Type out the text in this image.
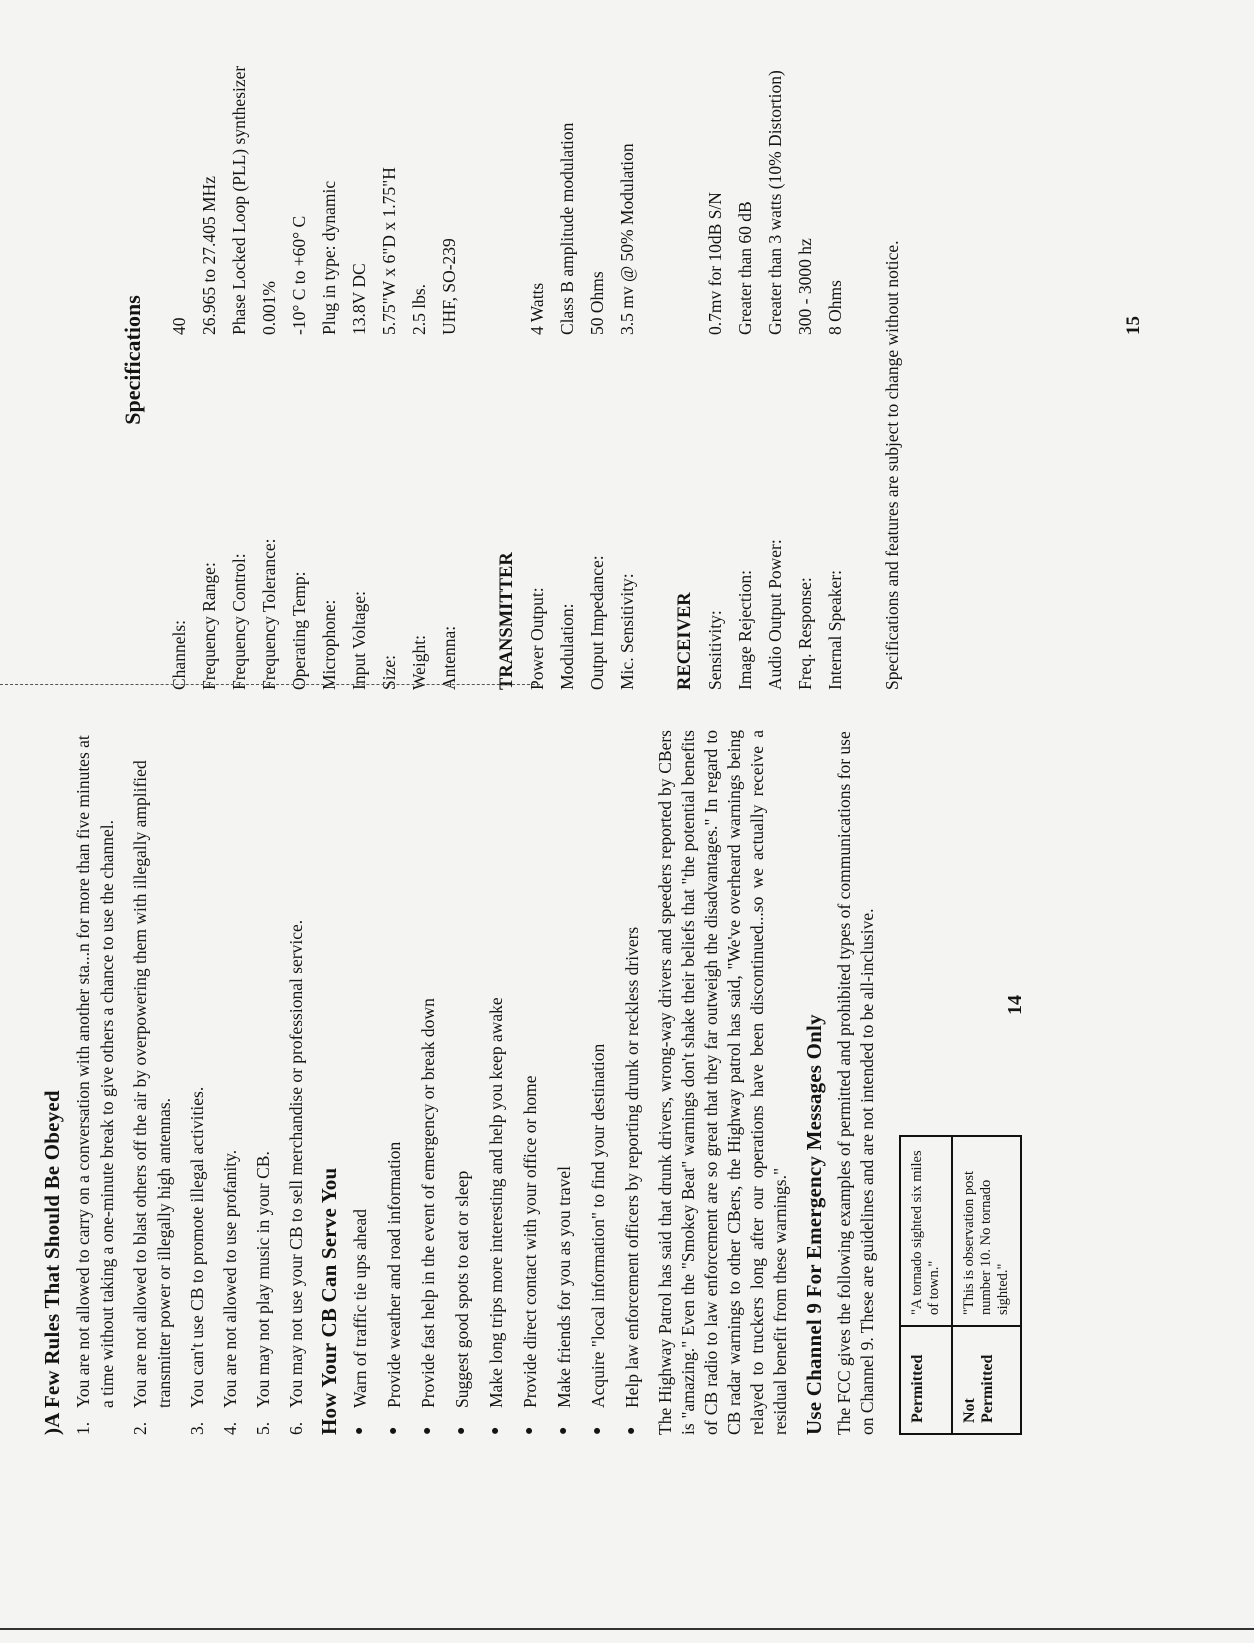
)A Few Rules That Should Be Obeyed 1.
You are not allowed to carry on a conversation with another sta...n for more than five minutes at a time without taking a one-minute break to give others a chance to use the channel.
2.
You are not allowed to blast others off the air by overpowering them with illegally amplified transmitter power or illegally high antennas.
3.
You can't use CB to promote illegal activities.
4.
You are not allowed to use profanity.
5.
You may not play music in your CB.
6.
You may not use your CB to sell merchandise or professional service. How Your CB Can Serve You ●
Warn of traffic tie ups ahead
●
Provide weather and road information
●
Provide fast help in the event of emergency or break down
●
Suggest good spots to eat or sleep
●
Make long trips more interesting and help you keep awake
●
Provide direct contact with your office or home
●
Make friends for you as you travel
●
Acquire "local information" to find your destination
●
Help law enforcement officers by reporting drunk or reckless drivers The Highway Patrol has said that drunk drivers, wrong-way drivers and speeders reported by CBers is "amazing." Even the "Smokey Beat" warnings don't shake their beliefs that "the potential benefits of CB radio to law enforcement are so great that they far outweigh the disadvantages." In regard to CB radar warnings to other CBers, the Highway patrol has said, "We've overheard warnings being relayed to truckers long after our operations have been discontinued...so we actually receive a residual benefit from these warnings." Use Channel 9 For Emergency Messages Only The FCC gives the following examples of permitted and prohibited types of communications for use on Channel 9. These are guidelines and are not intended to be all-inclusive. Permitted	"A tornado sighted six miles of town."
Not Permitted	"This is observation post number 10. No tornado sighted."
14
Specifications
Channels:
40
Frequency Range:
26.965 to 27.405 MHz
Frequency Control:
Phase Locked Loop (PLL) synthesizer
Frequency Tolerance:
0.001%
Operating Temp:
-10° C to +60° C
Microphone:
Plug in type: dynamic
Input Voltage:
13.8V DC
Size:
5.75"W x 6"D x 1.75"H
Weight:
2.5 lbs.
Antenna:
UHF, SO-239
TRANSMITTER Power Output:
4 Watts
Modulation:
Class B amplitude modulation
Output Impedance:
50 Ohms
Mic. Sensitivity:
3.5 mv @ 50% Modulation
RECEIVER Sensitivity:
0.7mv for 10dB S/N
Image Rejection:
Greater than 60 dB
Audio Output Power:
Greater than 3 watts (10% Distortion)
Freq. Response:
300 - 3000 hz
Internal Speaker:
8 Ohms Specifications and features are subject to change without notice.	15
